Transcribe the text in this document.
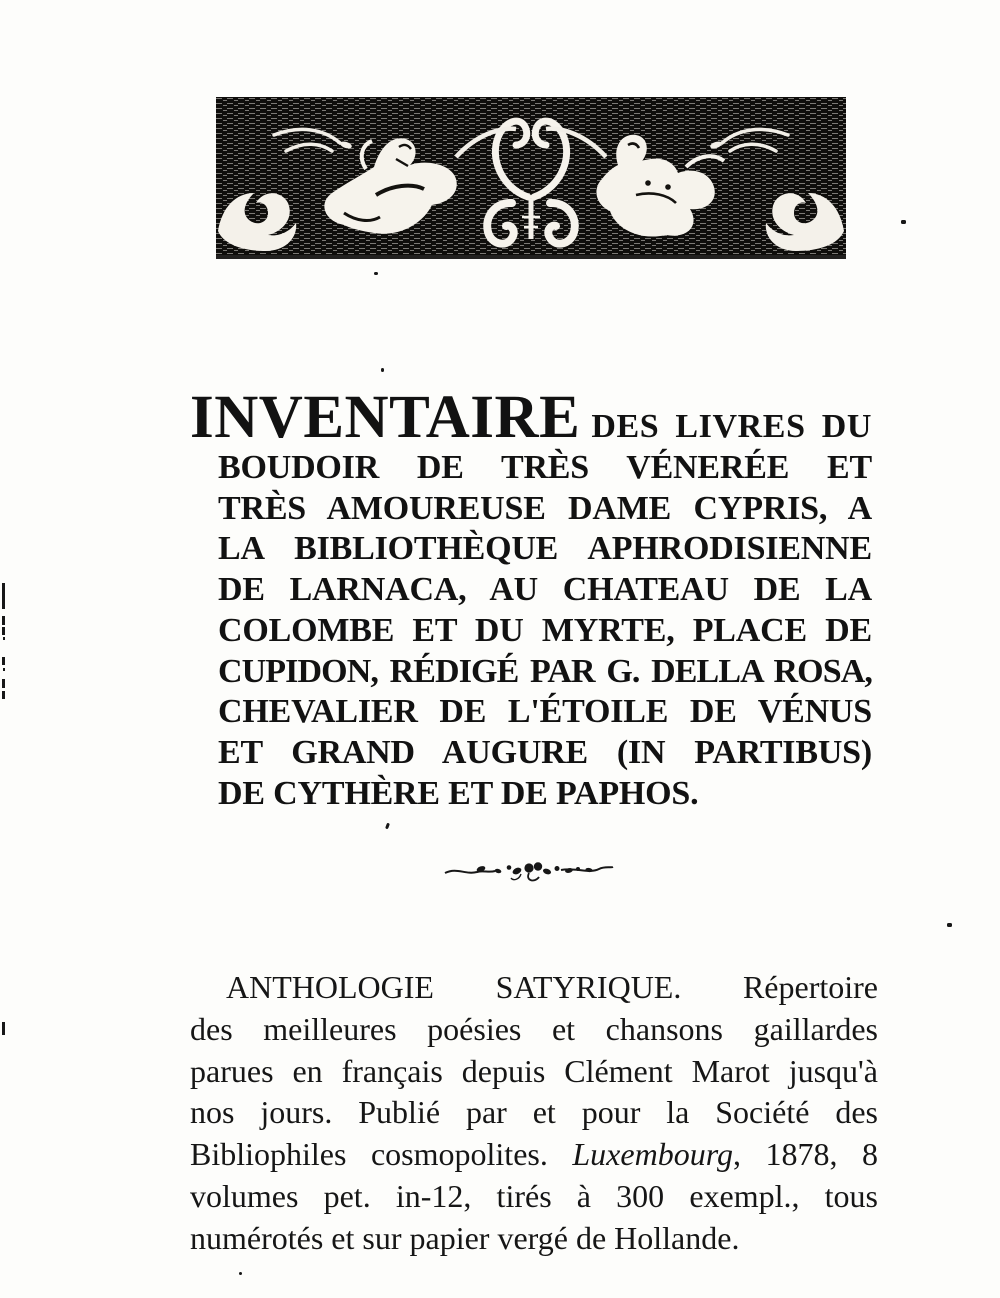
INVENTAIRE DES LIVRES DU
BOUDOIR DE TRÈS VÉNERÉE ET
TRÈS AMOUREUSE DAME CYPRIS, A
LA BIBLIOTHÈQUE APHRODISIENNE
DE LARNACA, AU CHATEAU DE LA
COLOMBE ET DU MYRTE, PLACE DE
CUPIDON, RÉDIGÉ PAR G. DELLA ROSA,
CHEVALIER DE L'ÉTOILE DE VÉNUS
ET GRAND AUGURE (IN PARTIBUS)
DE CYTHÈRE ET DE PAPHOS.
ANTHOLOGIE SATYRIQUE. Répertoire
des meilleures poésies et chansons gaillardes
parues en français depuis Clément Marot jusqu'à
nos jours. Publié par et pour la Société des
Bibliophiles cosmopolites. Luxembourg, 1878, 8
volumes pet. in-12, tirés à 300 exempl., tous
numérotés et sur papier vergé de Hollande.
